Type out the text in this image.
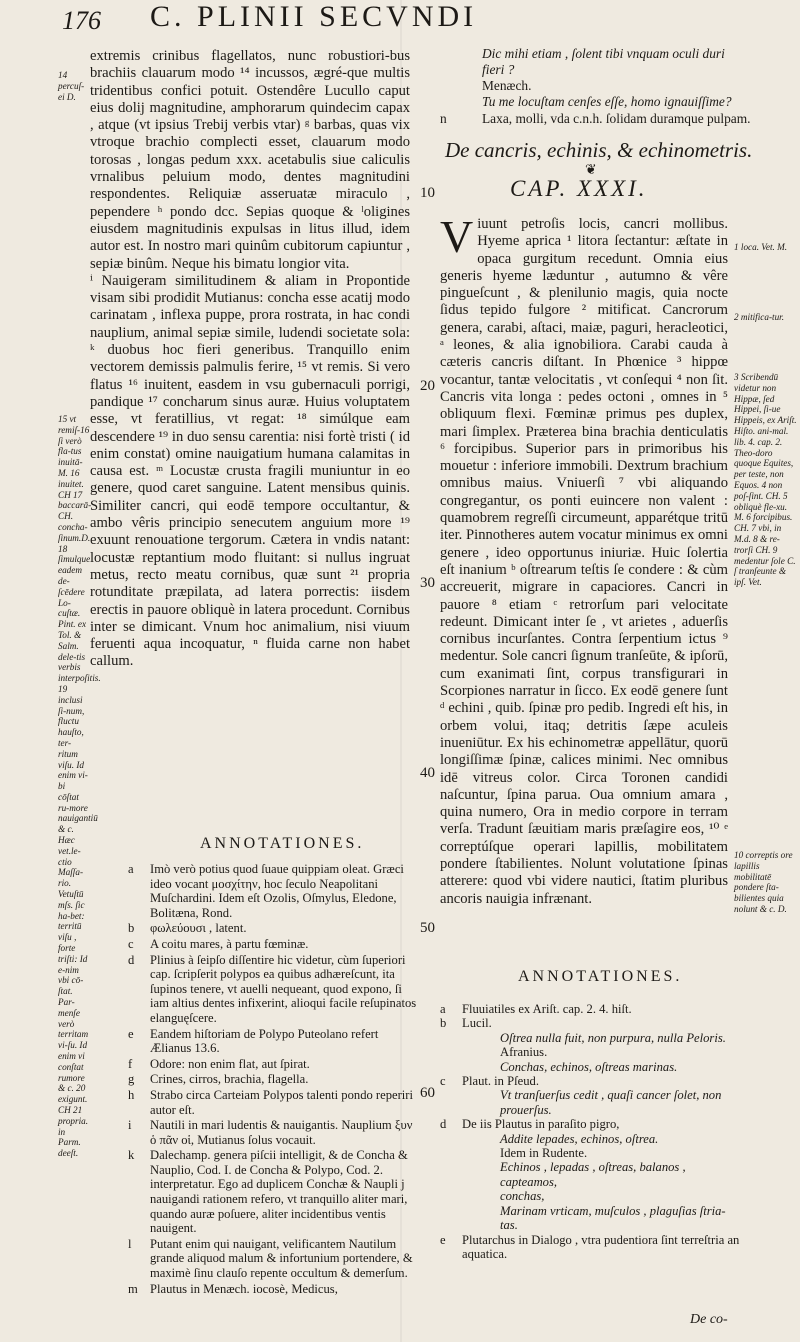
176 C. PLINII SECVNDI
14 percuſ-ei D.
15 vt remiſ-16 ſi verò fla-tus inuitā-M. 16 inuitet. CH 17 baccarā-CH. concha-ſinum.D. 18 ſimulque eadem de-ſcēdere Lo-cuſtæ. Pint. ex Tol. & Salm. dele-tis verbis interpoſitis. 19 inclusi ſi-num, fluctu hauſto, ter-ritum viſu. Id enim vi-bi cōſtat ru-more nauigantiū & c. Hæc vet.le-ctio Maſſa-rio. Vetuſtū mſs. ſic ha-bet: territū viſu , forte triſti: Id e-nim vbi cō-ſtat. Par-menſe verò territam vi-ſu. Id enim vi conſtat rumore & c. 20 exigunt. CH 21 propria. in Parm. deeſt.

extremis crinibus flagellatos, nunc robustiori-bus brachiis clauarum modo ¹⁴ incussos, ægré-que multis tridentibus confici potuit. Ostendêre Lucullo caput eius dolij magnitudine, amphorarum quindecim capax , atque (vt ipsius Trebij verbis vtar) ᵍ barbas, quas vix vtroque brachio complecti esset, clauarum modo torosas , longas pedum xxx. acetabulis siue caliculis vrnalibus peluium modo, dentes magnitudini respondentes. Reliquiæ asseruatæ miraculo , pependere ʰ pondo dcc. Sepias quoque & ˡoligines eiusdem magnitudinis expulsas in litus illud, idem autor est. In nostro mari quinûm cubitorum capiuntur , sepiæ binûm. Neque his bimatu longior vita.

ⁱ Nauigeram similitudinem & aliam in Propontide visam sibi prodidit Mutianus: concha esse acatij modo carinatam , inflexa puppe, prora rostrata, in hac condi nauplium, animal sepiæ simile, ludendi societate sola: ᵏ duobus hoc fieri generibus. Tranquillo enim vectorem demissis palmulis ferire, ¹⁵ vt remis. Si vero flatus ¹⁶ inuitent, easdem in vsu gubernaculi porrigi, pandique ¹⁷ concharum sinus auræ. Huius voluptatem esse, vt feratillius, vt regat: ¹⁸ simúlque eam descendere ¹⁹ in duo sensu carentia: nisi fortè tristi ( id enim constat) omine nauigatium humana calamitas in causa est. ᵐ Locustæ crusta fragili muniuntur in eo genere, quod caret sanguine. Latent mensibus quinis. Similiter cancri, qui eodē tempore occultantur, & ambo vêris principio senecutem anguium more ¹⁹ exuunt renouatione tergorum. Cætera in vndis natant: locustæ reptantium modo fluitant: si nullus ingruat metus, recto meatu cornibus, quæ sunt ²¹ propria rotunditate præpilata, ad latera porrectis: iisdem erectis in pauore obliquè in latera procedunt. Cornibus inter se dimicant. Vnum hoc animalium, nisi viuum feruenti aqua incoquatur, ⁿ fluida carne non habet callum.

10
20
30
40
50
60
ANNOTATIONES.
a	Imò verò potius quod ſuaue quippiam oleat. Græci ideo vocant μοσχίτην, hoc ſeculo Neapolitani Muſchardini. Idem eſt Ozolis, Oſmylus, Eledone, Bolitæna, Rond.
b	φωλεύουσι , latent.
c	A coitu mares, à partu fœminæ.
d	Plinius à ſeipſo diſſentire hic videtur, cùm ſuperiori cap. ſcripſerit polypos ea quibus adhæreſcunt, ita ſupinos tenere, vt auelli nequeant, quod expono, ſi iam altius dentes infixerint, alioqui facile reſupinatos elanguęſcere.
e	Eandem hiſtoriam de Polypo Puteolano refert Ælianus 13.6.
f	Odore: non enim flat, aut ſpirat.
g	Crines, cirros, brachia, flagella.
h	Strabo circa Carteiam Polypos talenti pondo reperiri autor eſt.
i	Nautili in mari ludentis & nauigantis. Nauplium ξυν ὁ πᾶν οἱ, Mutianus ſolus vocauit.
k	Dalechamp. genera piſcii intelligit, & de Concha & Nauplio, Cod. I. de Concha & Polypo, Cod. 2. interpretatur. Ego ad duplicem Conchæ & Naupli j nauigandi rationem refero, vt tranquillo aliter mari, quando auræ poſuere, aliter incidentibus ventis nauigent.
l	Putant enim qui nauigant, velificantem Nautilum grande aliquod malum & infortunium portendere, & maximè ſinu clauſo repente occultum & demerſum.
m Plautus in Menæch. iocosè, Medicus,
Dic mihi etiam , ſolent tibi vnquam oculi duri
fieri ?
Menæch.
Tu me locuſtam cenſes eſſe, homo ignauiſſime?
n	Laxa, molli, vda c.n.h. ſolidam duramque pulpam.
De cancris, echinis, & echinometris.
❦
CAP. XXXI.

Viuunt petroſis locis, cancri mollibus. Hyeme aprica ¹ litora ſectantur: æſtate in opaca gurgitum recedunt. Omnia eius generis hyeme læduntur , autumno & vêre pingueſcunt , & plenilunio magis, quia nocte ſidus tepido fulgore ² mitificat. Cancrorum genera, carabi, aſtaci, maiæ, paguri, heracleotici, ᵃ leones, & alia ignobiliora. Carabi cauda à cæteris cancris diſtant. In Phœnice ³ hippœ vocantur, tantæ velocitatis , vt conſequi ⁴ non ſit. Cancris vita longa : pedes octoni , omnes in ⁵ obliquum flexi. Fœminæ primus pes duplex, mari ſimplex. Præterea bina brachia denticulatis ⁶ forcipibus. Superior pars in primoribus his mouetur : inferiore immobili. Dextrum brachium omnibus maius. Vniuerſi ⁷ vbi aliquando congregantur, os ponti euincere non valent : quamobrem regreſſi circumeunt, apparétque tritū iter. Pinnotheres autem vocatur minimus ex omni genere , ideo opportunus iniuriæ. Huic ſolertia eſt inanium ᵇ oſtrearum teſtis ſe condere : & cùm accreuerit, migrare in capaciores. Cancri in pauore ⁸ etiam ᶜ retrorſum pari velocitate redeunt. Dimicant inter ſe , vt arietes , aduerſis cornibus incurſantes. Contra ſerpentium ictus ⁹ medentur. Sole cancri ſignum tranſeūte, & ipſorū, cum exanimati ſint, corpus transfigurari in Scorpiones narratur in ſicco. Ex eodē genere ſunt ᵈ echini , quib. ſpinæ pro pedib. Ingredi eſt his, in orbem volui, itaq; detritis ſæpe aculeis inueniūtur. Ex his echinometræ appellātur, quorū longiſſimæ ſpinæ, calices minimi. Nec omnibus idē vitreus color. Circa Toronen candidi naſcuntur, ſpina parua. Oua omnium amara , quina numero, Ora in medio corpore in terram verſa. Tradunt ſæuitiam maris præſagire eos, ¹⁰ ᵉ correptúſque operari lapillis, mobilitatem pondere ſtabilientes. Nolunt volutatione ſpinas atterere: quod vbi videre nautici, ſtatim pluribus ancoris nauigia infrænant.

1 loca. Vet. M.
2 mitifica-tur.
3 Scribendū videtur non Hippæ, ſed Hippei, ſi-ue Hippeis, ex Ariſt. Hiſto. ani-mal. lib. 4. cap. 2. Theo-doro quoque Equites, per teste, non Equos. 4 non poſ-ſint. CH. 5 obliquè fle-xu. M. 6 forcipibus. CH. 7 vbi, in M.d. 8 & re-trorſi CH. 9 medentur ſole C. ſ tranſeunte & ipſ. Vet.
10 correptis ore lapillis mobilitatē pondere ſta-bilientes quia nolunt & c. D.
ANNOTATIONES.
a	Fluuiatiles ex Ariſt. cap. 2. 4. hiſt.
b	Lucil.
Oſtrea nulla fuit, non purpura, nulla Peloris.
Afranius.
Conchas, echinos, oſtreas marinas.
c	Plaut. in Pſeud.
Vt tranſuerſus cedit , quaſi cancer ſolet, non
prouerſus.
d	De iis Plautus in paraſito pigro,
Addite lepades, echinos, oſtrea.
Idem in Rudente.
Echinos , lepadas , oſtreas, balanos , capteamos,
conchas,
Marinam vrticam, muſculos , plaguſias ſtria-
tas.
e	Plutarchus in Dialogo , vtra pudentiora ſint terreſtria an aquatica.
De co-
